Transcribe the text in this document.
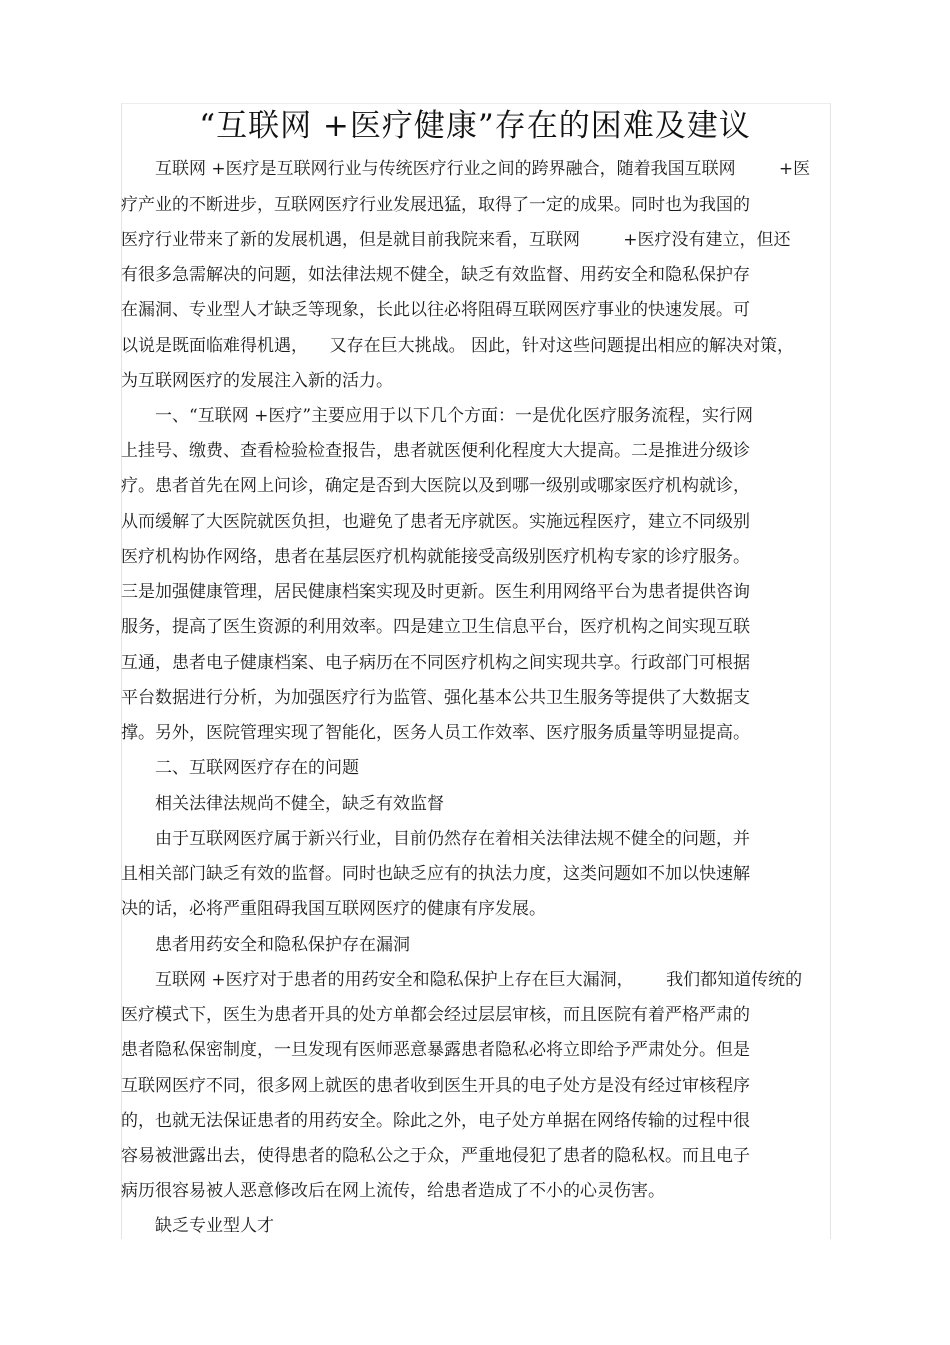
“互联网 +医疗健康”存在的困难及建议
互联网 +医疗是互联网行业与传统医疗行业之间的跨界融合，随着我国互联网        +医
疗产业的不断进步，互联网医疗行业发展迅猛，取得了一定的成果。同时也为我国的
医疗行业带来了新的发展机遇，但是就目前我院来看，互联网        +医疗没有建立，但还
有很多急需解决的问题，如法律法规不健全，缺乏有效监督、用药安全和隐私保护存
在漏洞、专业型人才缺乏等现象，长此以往必将阻碍互联网医疗事业的快速发展。可
以说是既面临难得机遇，    又存在巨大挑战。 因此，针对这些问题提出相应的解决对策，
为互联网医疗的发展注入新的活力。
一、“互联网 +医疗”主要应用于以下几个方面：一是优化医疗服务流程，实行网
上挂号、缴费、查看检验检查报告，患者就医便利化程度大大提高。二是推进分级诊
疗。患者首先在网上问诊，确定是否到大医院以及到哪一级别或哪家医疗机构就诊，
从而缓解了大医院就医负担，也避免了患者无序就医。实施远程医疗，建立不同级别
医疗机构协作网络，患者在基层医疗机构就能接受高级别医疗机构专家的诊疗服务。
三是加强健康管理，居民健康档案实现及时更新。医生利用网络平台为患者提供咨询
服务，提高了医生资源的利用效率。四是建立卫生信息平台，医疗机构之间实现互联
互通，患者电子健康档案、电子病历在不同医疗机构之间实现共享。行政部门可根据
平台数据进行分析，为加强医疗行为监管、强化基本公共卫生服务等提供了大数据支
撑。另外，医院管理实现了智能化，医务人员工作效率、医疗服务质量等明显提高。
二、互联网医疗存在的问题
相关法律法规尚不健全，缺乏有效监督
由于互联网医疗属于新兴行业，目前仍然存在着相关法律法规不健全的问题，并
且相关部门缺乏有效的监督。同时也缺乏应有的执法力度，这类问题如不加以快速解
决的话，必将严重阻碍我国互联网医疗的健康有序发展。
患者用药安全和隐私保护存在漏洞
互联网 +医疗对于患者的用药安全和隐私保护上存在巨大漏洞，      我们都知道传统的
医疗模式下，医生为患者开具的处方单都会经过层层审核，而且医院有着严格严肃的
患者隐私保密制度，一旦发现有医师恶意暴露患者隐私必将立即给予严肃处分。但是
互联网医疗不同，很多网上就医的患者收到医生开具的电子处方是没有经过审核程序
的，也就无法保证患者的用药安全。除此之外，电子处方单据在网络传输的过程中很
容易被泄露出去，使得患者的隐私公之于众，严重地侵犯了患者的隐私权。而且电子
病历很容易被人恶意修改后在网上流传，给患者造成了不小的心灵伤害。
缺乏专业型人才
